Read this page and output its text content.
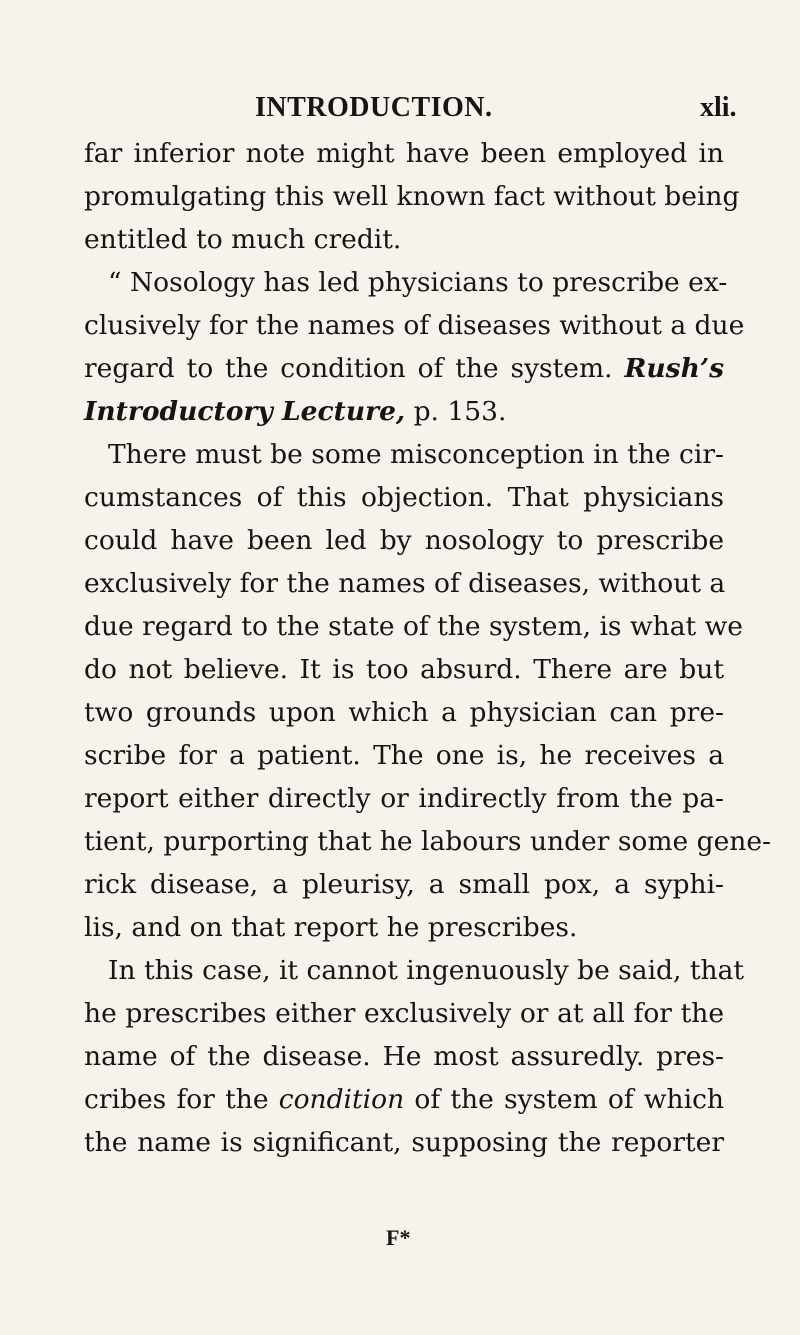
INTRODUCTION.	xli.
far inferior note might have been employed in
promulgating this well known fact without being
entitled to much credit.
“ Nosology has led physicians to prescribe ex-
clusively for the names of diseases without a due
regard to the condition of the system. Rush’s
Introductory Lecture, p. 153.
There must be some misconception in the cir-
cumstances of this objection. That physicians
could have been led by nosology to prescribe
exclusively for the names of diseases, without a
due regard to the state of the system, is what we
do not believe. It is too absurd. There are but
two grounds upon which a physician can pre-
scribe for a patient. The one is, he receives a
report either directly or indirectly from the pa-
tient, purporting that he labours under some gene-
rick disease, a pleurisy, a small pox, a syphi-
lis, and on that report he prescribes.
In this case, it cannot ingenuously be said, that
he prescribes either exclusively or at all for the
name of the disease. He most assuredly. pres-
cribes for the condition of the system of which
the name is significant, supposing the reporter
F*
